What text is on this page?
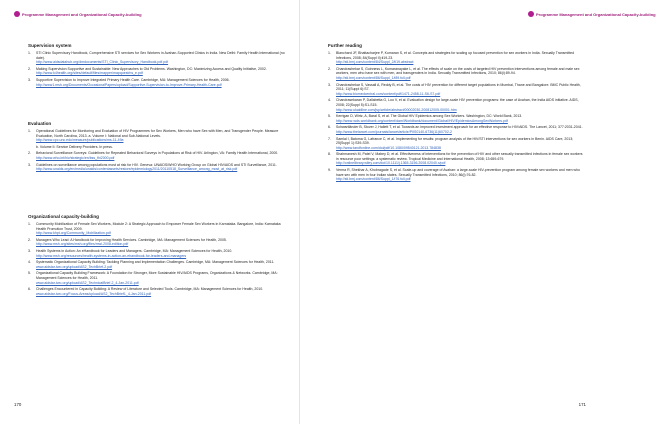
Programme Management and Organizational Capacity-building
Supervision system
1.	STI Clinic Supervisory Handbook, Comprehensive STI services for Sex Workers in Avahan-Supported Clinics in India. New Delhi: Family Health International (no date).
http://www.aidsdatahub.org/dmdocuments/STI_Clinic_Supervisory_Handbook.pdf.pdf
2.	Making Supervision Supportive and Sustainable: New Approaches to Old Problems. Washington, DC: Maximizing Access and Quality Initiative, 2002.
http://www.k4health.org/sites/default/files/mapper/mapquest/ns_e.pdf
3.	Supportive Supervision to Improve Integrated Primary Health Care. Cambridge, MA: Management Sciences for Health, 2006.
http://www1.msh.org/Documents/OccasionalPapers/upload/Supportive-Supervision-to-Improve-Primary-Health-Care.pdf
Evaluation
1.	Operational Guidelines for Monitoring and Evaluation of HIV Programmes for Sex Workers, Men who have Sex with Men, and Transgender People. Measure Evaluation, North Carolina, 2013. a. Volume I: National and Sub-National Levels.
http://www.cpc.unc.edu/measure/publications/ms-11-49a
b. Volume II: Service Delivery Providers. In press.
2.	Behavioral Surveillance Surveys: Guidelines for Repeated Behavioral Surveys in Populations at Risk of HIV. Arlington, VA: Family Health International, 2000.
http://www.who.int/hiv/strategic/en/bss_fhi2000.pdf
3.	Guidelines on surveillance among populations most at risk for HIV. Geneva: UNAIDS/WHO Working Group on Global HIV/AIDS and STI Surveillance, 2011.
http://www.unaids.org/en/media/unaids/contentassets/restore/epidemiology2011/20110518_Surveillance_among_most_at_risk.pdf
Organizational capacity-building
1.	Community Mobilization of Female Sex Workers, Module 2: A Strategic Approach to Empower Female Sex Workers in Karnataka. Bangalore, India: Karnataka Health Promotion Trust, 2009.
http://www.khpt.org/Community_Mobilization.pdf
2.	Managers Who Lead: A Handbook for Improving Health Services. Cambridge, MA: Management Sciences for Health, 2005.
http://www.msh.org/sites/msh.org/files/mwl-2008-edition.pdf
3.	Health Systems in Action: An eHandbook for Leaders and Managers. Cambridge, MA: Management Sciences for Health, 2010.
http://www.msh.org/resources/health-systems-in-action-an-ehandbook-for-leaders-and-managers
4.	Systematic Organizational Capacity Building: Tackling Planning and Implementation Challenges. Cambridge, MA: Management Sciences for Health, 2011.
www.aidstar-two.org/upload/AS2_TechBrief-2.pdf
5.	Organizational Capacity Building Framework: A Foundation for Stronger, More Sustainable HIV/AIDS Programs, Organizations & Networks. Cambridge, MA: Management Sciences for Health, 2011.
www.aidstar-two.org/upload/AS2_TechnicalBrief-2_4-Jan-2011.pdf
6.	Challenges Encountered in Capacity Building: A Review of Literature and Selected Tools. Cambridge, MA: Management Sciences for Health, 2010.
www.aidstar-two.org/Focus-Areas/upload/AS2_TechBrief1_4-Jan-2011.pdf
170
Programme Management and Organizational Capacity-building
Further reading
1.	Blanchard JF, Bhattacharjee P, Kumaran S, et al. Concepts and strategies for scaling up focused prevention for sex workers in India. Sexually Transmitted Infections, 2008; 84(Suppl II):ii19-23.
http://sti.bmj.com/content/84/Suppl_2/ii19.abstract
2.	Chandrashekar S, Guinness L, Kumaranayake L, et al. The effects of scale on the costs of targeted HIV prevention interventions among female and male sex workers, men who have sex with men, and transgenders in India. Sexually Transmitted Infections, 2010; 86(i):89-94.
http://sti.bmj.com/content/86/Suppl_1/i89.full.pdf
3.	Chandrashekar S, Vassall A, Reddy B, et al. The costs of HIV prevention for different target populations in Mumbai, Thane and Bangalore. BMC Public Health, 2011; 11(Suppl 6):S7.
http://www.biomedcentral.com/content/pdf/1471-2458-11-S6-S7.pdf
4.	Chandrasekaran P, Dallabetta G, Loo V, et al. Evaluation design for large-scale HIV prevention programs: the case of Avahan, the India AIDS initiative. AIDS, 2008; 22(Suppl 5):S1-S15.
http://www.ukaidline.com/jsp/article/abstract/00002030-200812005-00001.htm
5.	Kerrigan D, Wirtz, A, Baral S, et al. The Global HIV Epidemics among Sex Workers. Washington, DC: World Bank, 2013.
http://www-wds.worldbank.org/content/dam/Worldbank/document/Global/HIV/EpidemicsAmongSexWorkers.pdf
6.	Schwartländer B, Stover J, Hallett T, et al. Towards an improved investment approach for an effective response to HIV/AIDS. The Lancet, 2011; 377:2031-2041.
http://www.thelancet.com/journals/lancet/article/PIIS0140-6736(11)60702-2
7.	Samlal I, Batoma G, Lafrance C, et al. Implementing for results: program analysis of the HIV/STI interventions for sex workers in Benin. AIDS Care, 2013; 25(Suppl 1):S39-S39.
http://www.tandfonline.com/doi/pdf/10.1080/09540121.2013.784838
8.	Shahmanesh M, Patel V, Mabey D, et al. Effectiveness of interventions for the prevention of HIV and other sexually transmitted infections in female sex workers in resource poor settings: a systematic review. Tropical Medicine and International Health, 2008; 13:659-679.
http://onlinelibrary.wiley.com/doi/10.1111/j.1365-3156.2008.02040.x/pdf
9.	Verma R, Shekhar A, Khobragade S, et al. Scale-up and coverage of Avahan: a large-scale HIV-prevention program among female sex workers and men who have sex with men in four Indian states. Sexually Transmitted Infections, 2010; 86(i):76-82.
http://sti.bmj.com/content/86/Suppl_1/i76.full.pdf
171
